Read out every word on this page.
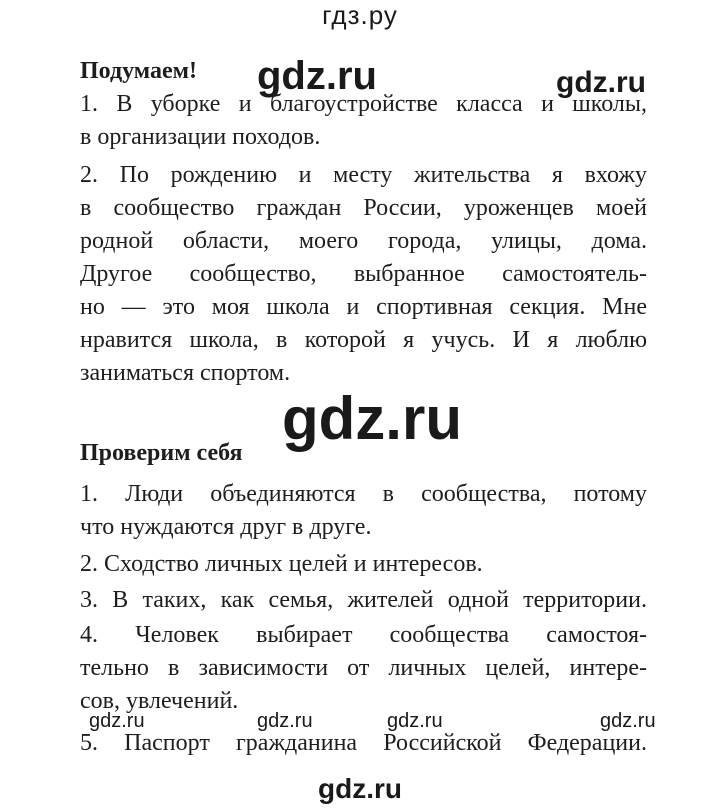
гдз.ру
gdz.ru	gdz.ru
gdz.ru
gdz.ru	gdz.ru	gdz.ru	gdz.ru
gdz.ru
Подумаем!
1. В уборке и благоустройстве класса и школы,
в организации походов.
2. По рождению и месту жительства я вхожу
в сообщество граждан России, уроженцев моей
родной области, моего города, улицы, дома.
Другое сообщество, выбранное самостоятель-
но — это моя школа и спортивная секция. Мне
нравится школа, в которой я учусь. И я люблю
заниматься спортом.
Проверим себя
1. Люди объединяются в сообщества, потому
что нуждаются друг в друге.
2. Сходство личных целей и интересов.
3. В таких, как семья, жителей одной территории.
4. Человек выбирает сообщества самостоя-
тельно в зависимости от личных целей, интере-
сов, увлечений.
5. Паспорт гражданина Российской Федерации.
